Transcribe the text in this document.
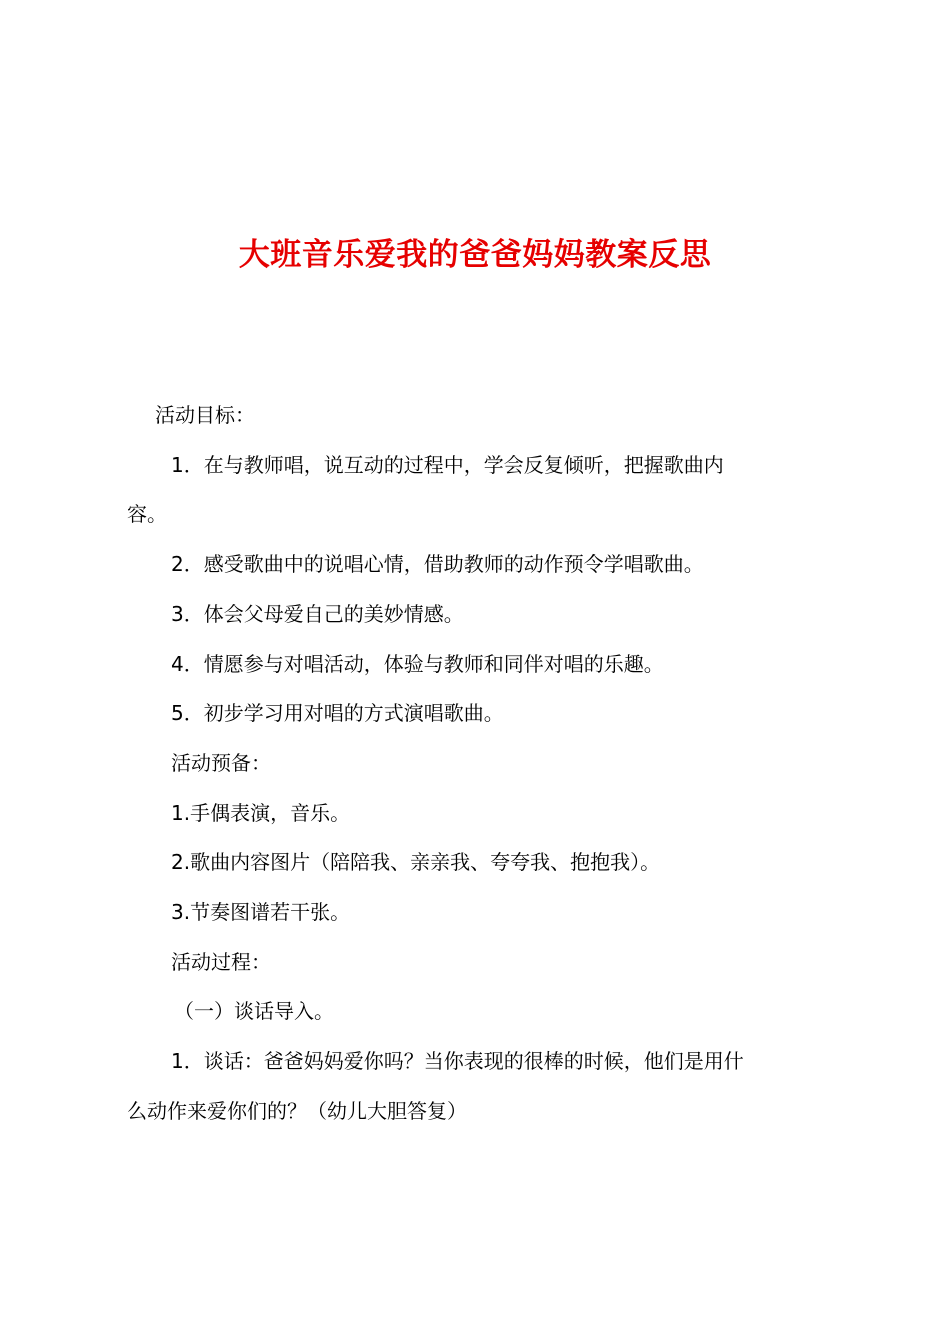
大班音乐爱我的爸爸妈妈教案反思

活动目标：

1．在与教师唱，说互动的过程中，学会反复倾听，把握歌曲内

容。

2．感受歌曲中的说唱心情，借助教师的动作预令学唱歌曲。

3．体会父母爱自己的美妙情感。

4．情愿参与对唱活动，体验与教师和同伴对唱的乐趣。

5．初步学习用对唱的方式演唱歌曲。

活动预备：

1.手偶表演，音乐。

2.歌曲内容图片（陪陪我、亲亲我、夸夸我、抱抱我）。

3.节奏图谱若干张。

活动过程：

（一）谈话导入。

1．谈话：爸爸妈妈爱你吗？当你表现的很棒的时候，他们是用什

么动作来爱你们的？（幼儿大胆答复）
